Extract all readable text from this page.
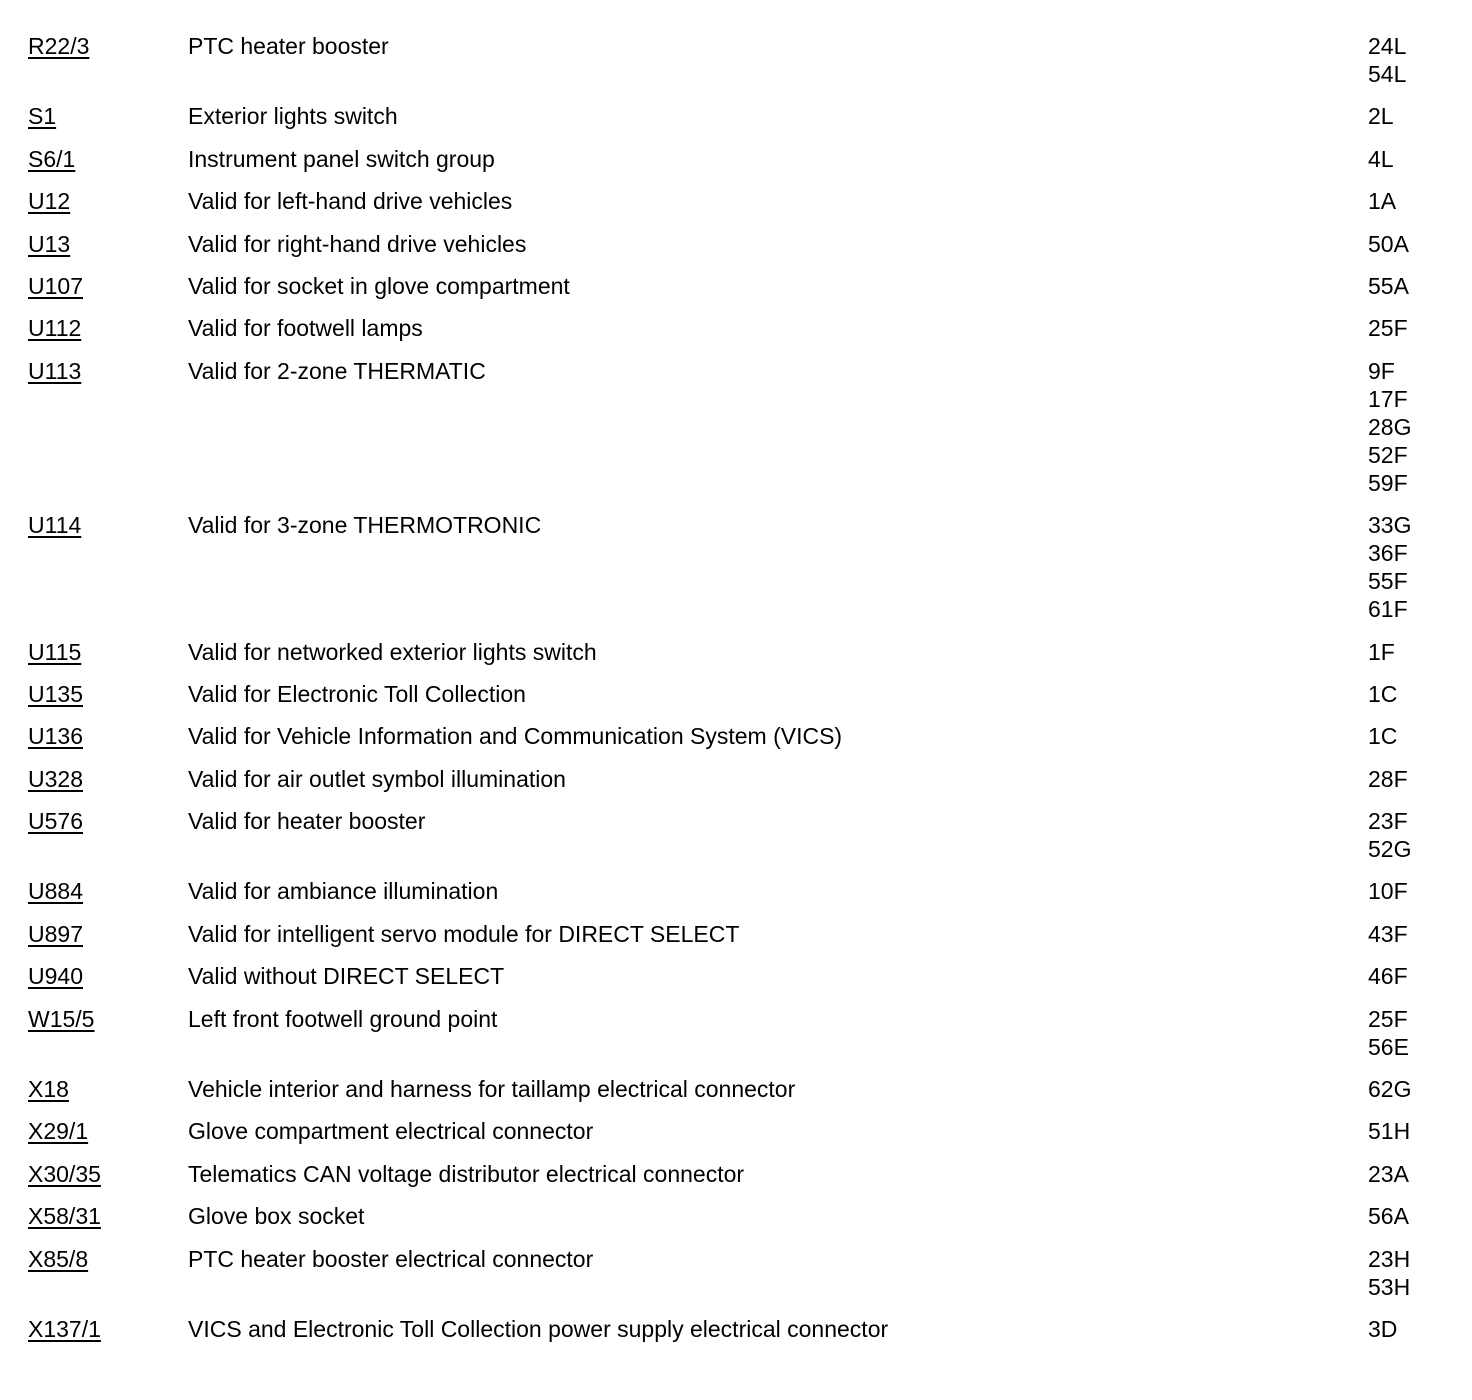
R22/3	PTC heater booster	24L
54L
S1	Exterior lights switch	2L
S6/1	Instrument panel switch group	4L
U12	Valid for left-hand drive vehicles	1A
U13	Valid for right-hand drive vehicles	50A
U107	Valid for socket in glove compartment	55A
U112	Valid for footwell lamps	25F
U113	Valid for 2-zone THERMATIC	9F
17F
28G
52F
59F
U114	Valid for 3-zone THERMOTRONIC	33G
36F
55F
61F
U115	Valid for networked exterior lights switch	1F
U135	Valid for Electronic Toll Collection	1C
U136	Valid for Vehicle Information and Communication System (VICS)	1C
U328	Valid for air outlet symbol illumination	28F
U576	Valid for heater booster	23F
52G
U884	Valid for ambiance illumination	10F
U897	Valid for intelligent servo module for DIRECT SELECT	43F
U940	Valid without DIRECT SELECT	46F
W15/5	Left front footwell ground point	25F
56E
X18	Vehicle interior and harness for taillamp electrical connector	62G
X29/1	Glove compartment electrical connector	51H
X30/35	Telematics CAN voltage distributor electrical connector	23A
X58/31	Glove box socket	56A
X85/8	PTC heater booster electrical connector	23H
53H
X137/1	VICS and Electronic Toll Collection power supply electrical connector	3D
